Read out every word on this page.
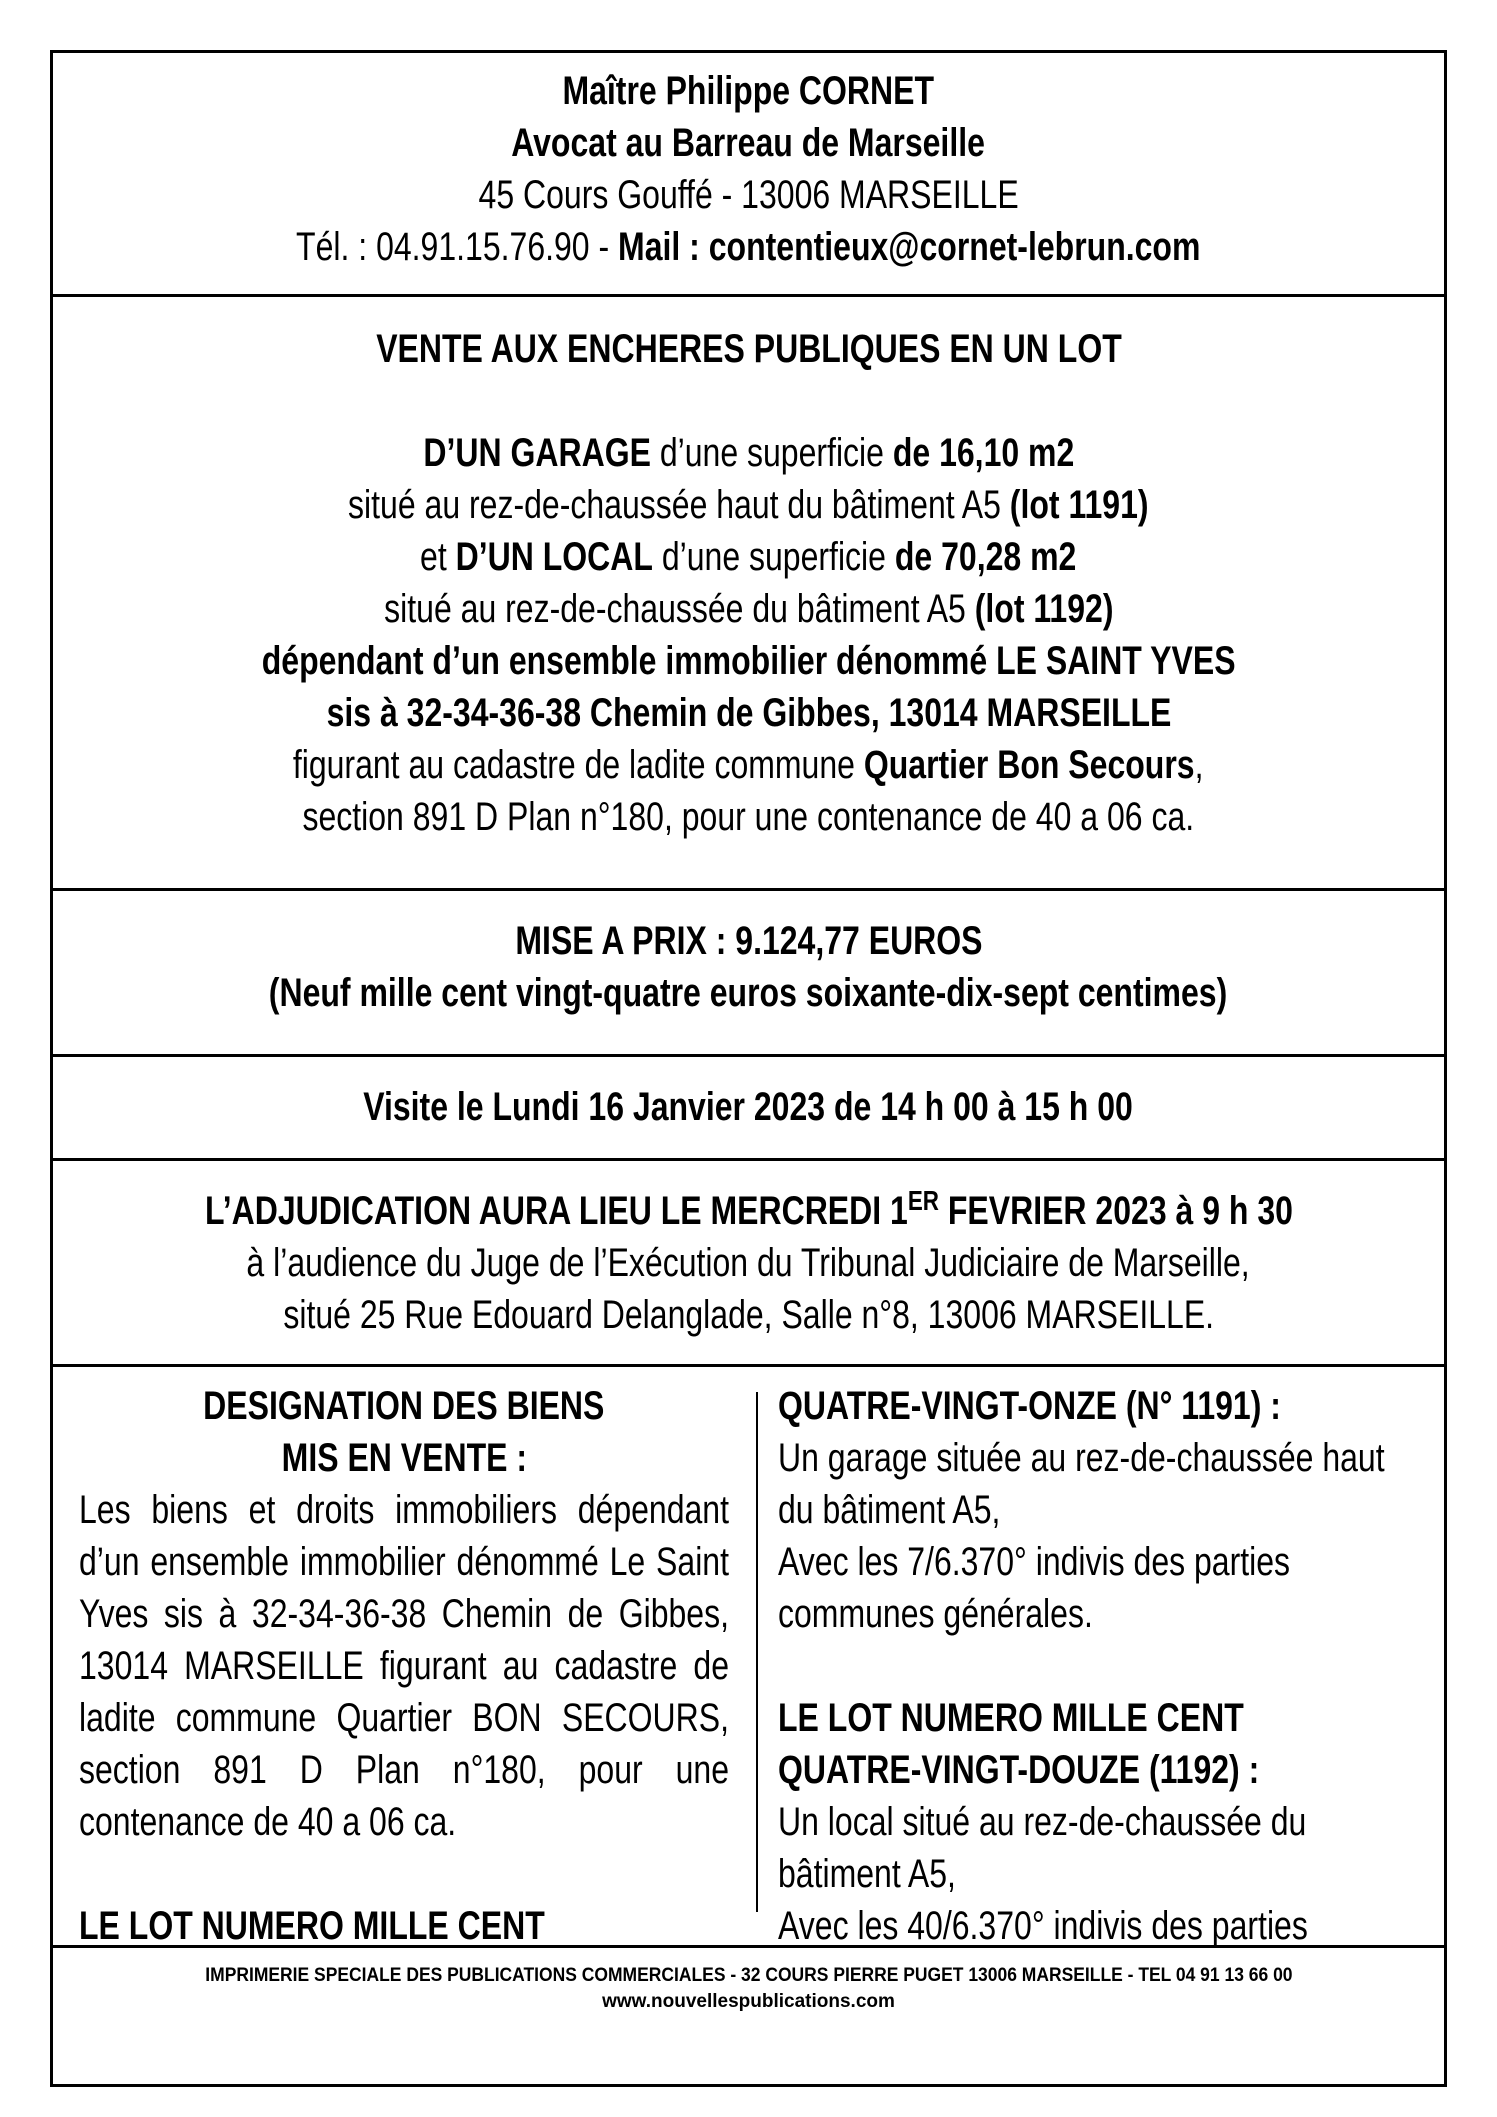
Maître Philippe CORNET
Avocat au Barreau de Marseille
45 Cours Gouffé - 13006 MARSEILLE
Tél. : 04.91.15.76.90 - Mail : contentieux@cornet-lebrun.com
VENTE AUX ENCHERES PUBLIQUES EN UN LOT
D’UN GARAGE d’une superficie de 16,10 m2
situé au rez-de-chaussée haut du bâtiment A5 (lot 1191)
et D’UN LOCAL d’une superficie de 70,28 m2
situé au rez-de-chaussée du bâtiment A5 (lot 1192)
dépendant d’un ensemble immobilier dénommé LE SAINT YVES
sis à 32-34-36-38 Chemin de Gibbes, 13014 MARSEILLE
figurant au cadastre de ladite commune Quartier Bon Secours,
section 891 D Plan n°180, pour une contenance de 40 a 06 ca.
MISE A PRIX : 9.124,77 EUROS
(Neuf mille cent vingt-quatre euros soixante-dix-sept centimes)
Visite le Lundi 16 Janvier 2023 de 14 h 00 à 15 h 00
L’ADJUDICATION AURA LIEU LE MERCREDI 1ER FEVRIER 2023 à 9 h 30
à l’audience du Juge de l’Exécution du Tribunal Judiciaire de Marseille,
situé 25 Rue Edouard Delanglade, Salle n°8, 13006 MARSEILLE.
DESIGNATION DES BIENS
MIS EN VENTE :
Les biens et droits immobiliers dépendant d’un ensemble immobilier dénommé Le Saint Yves sis à 32-34-36-38 Chemin de Gibbes, 13014 MARSEILLE figurant au cadastre de ladite commune Quartier BON SECOURS, section 891 D Plan n°180, pour une contenance de 40 a 06 ca.
LE LOT NUMERO MILLE CENT
QUATRE-VINGT-ONZE (N° 1191) :
Un garage située au rez-de-chaussée haut du bâtiment A5,
Avec les 7/6.370° indivis des parties communes générales.
LE LOT NUMERO MILLE CENT
QUATRE-VINGT-DOUZE (1192) :
Un local situé au rez-de-chaussée du bâtiment A5,
Avec les 40/6.370° indivis des parties
IMPRIMERIE SPECIALE DES PUBLICATIONS COMMERCIALES - 32 COURS PIERRE PUGET 13006 MARSEILLE - TEL 04 91 13 66 00
www.nouvellespublications.com
